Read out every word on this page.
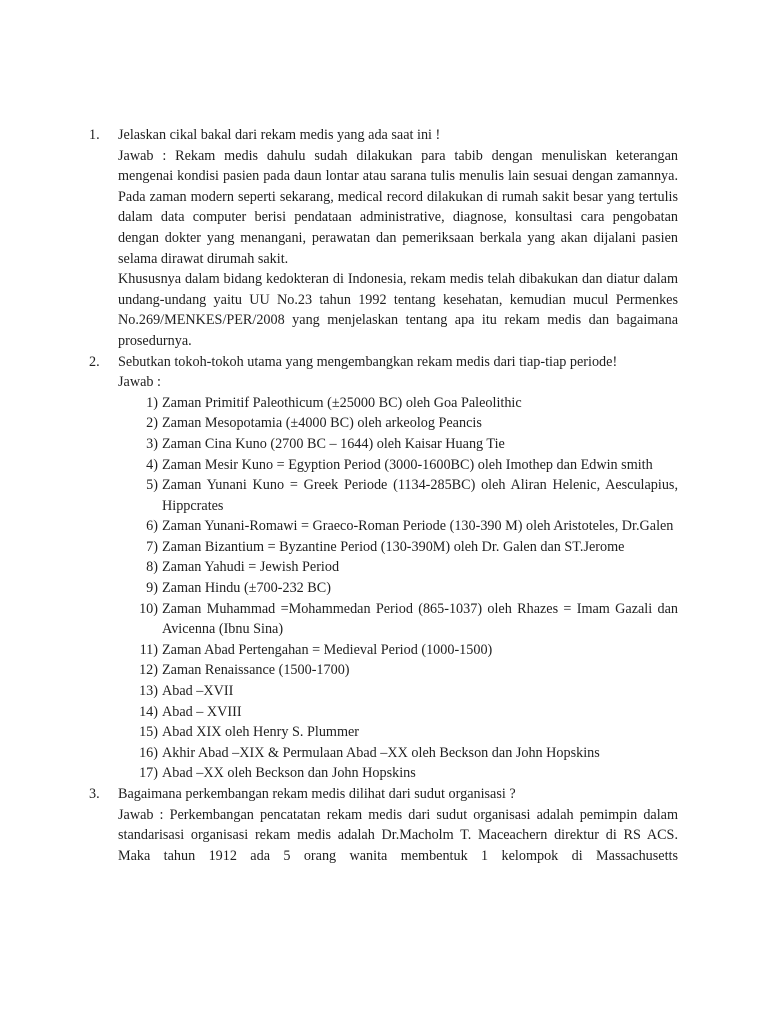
1. Jelaskan cikal bakal dari rekam medis yang ada saat ini !
Jawab : Rekam medis dahulu sudah dilakukan para tabib dengan menuliskan keterangan mengenai kondisi pasien pada daun lontar atau sarana tulis menulis lain sesuai dengan zamannya. Pada zaman modern seperti sekarang, medical record dilakukan di rumah sakit besar yang tertulis dalam data computer berisi pendataan administrative, diagnose, konsultasi cara pengobatan dengan dokter yang menangani, perawatan dan pemeriksaan berkala yang akan dijalani pasien selama dirawat dirumah sakit.
Khususnya dalam bidang kedokteran di Indonesia, rekam medis telah dibakukan dan diatur dalam undang-undang yaitu UU No.23 tahun 1992 tentang kesehatan, kemudian mucul Permenkes No.269/MENKES/PER/2008 yang menjelaskan tentang apa itu rekam medis dan bagaimana prosedurnya.
2. Sebutkan tokoh-tokoh utama yang mengembangkan rekam medis dari tiap-tiap periode!
Jawab :
1) Zaman Primitif Paleothicum (±25000 BC) oleh Goa Paleolithic
2) Zaman Mesopotamia (±4000 BC) oleh arkeolog Peancis
3) Zaman Cina Kuno (2700 BC – 1644) oleh Kaisar Huang Tie
4) Zaman Mesir Kuno = Egyption Period (3000-1600BC) oleh Imothep dan Edwin smith
5) Zaman Yunani Kuno = Greek Periode (1134-285BC) oleh Aliran Helenic, Aesculapius, Hippcrates
6) Zaman Yunani-Romawi = Graeco-Roman Periode (130-390 M) oleh Aristoteles, Dr.Galen
7) Zaman Bizantium = Byzantine Period (130-390M) oleh Dr. Galen dan ST.Jerome
8) Zaman Yahudi = Jewish Period
9) Zaman Hindu (±700-232 BC)
10) Zaman Muhammad =Mohammedan Period (865-1037) oleh Rhazes = Imam Gazali dan Avicenna (Ibnu Sina)
11) Zaman Abad Pertengahan = Medieval Period (1000-1500)
12) Zaman Renaissance (1500-1700)
13) Abad –XVII
14) Abad – XVIII
15) Abad XIX oleh Henry S. Plummer
16) Akhir Abad –XIX & Permulaan Abad –XX oleh Beckson dan John Hopskins
17) Abad –XX oleh Beckson dan John Hopskins
3. Bagaimana perkembangan rekam medis dilihat dari sudut organisasi ?
Jawab : Perkembangan pencatatan rekam medis dari sudut organisasi adalah pemimpin dalam standarisasi organisasi rekam medis adalah Dr.Macholm T. Maceachern direktur di RS ACS. Maka tahun 1912 ada 5 orang wanita membentuk 1 kelompok di Massachusetts
